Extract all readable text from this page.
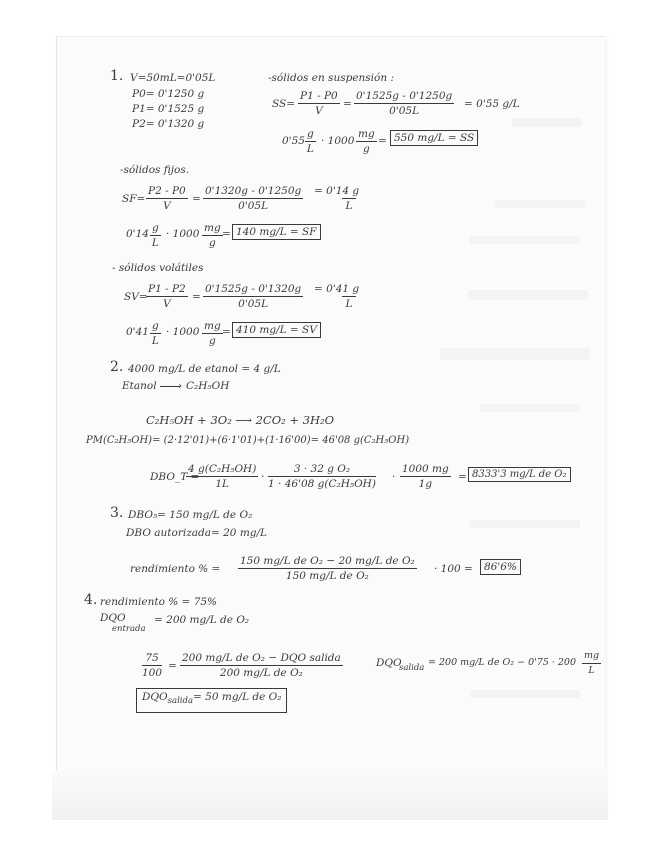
1. V=50mL=0'05L
P0= 0'1250 g
P1= 0'1525 g
P2= 0'1320 g
-sólidos en suspensión :
$SS= \frac{P1 - P0}{V} = \frac{0'1525g - 0'1250g}{0'05L} = 0'55$ g/L
$0'55 \frac{g}{L} \cdot 1000 \frac{mg}{g} = 550$ mg/L = SS
-sólidos fijos.
$SF= \frac{P2 - P0}{V} = \frac{0'1320g - 0'1250g}{0'05L} \frac{= 0'14 g}{L}$
$0'14 \frac{g}{L} \cdot 1000 \frac{mg}{g} = 140$ mg/L = SF
- sólidos volátiles
SV=
$\frac{P1 - P2}{V} = \frac{0'1525g - 0'1320g}{0'05L} \frac{= 0'41 g}{L}$
$0'41 \frac{g}{L} \cdot 1000 \frac{mg}{g} = 410$ mg/L = SV
2. 4000 mg/L de etanol = 4 g/L
Etanol › C₂H₅OH
C₂H₅OH + 3O₂ ⟶ 2CO₂ + 3H₂O
PM(C₂H₅OH)= (2·12'01)+(6·1'01)+(1·16'00)= 46'08 g(C₂H₅OH)
DBO_T =
$\frac{\text{4 g(C₂H₅OH)}}{1L} \cdot \frac{\text{3 · 32 g O₂}}{\text{1 · 46'08 g(C₂H₅OH)}} \cdot \frac{1000 mg}{1g} = 8333'3$ mg/L de O₂
3. DBO₅= 150 mg/L de O₂
DBO autorizada= 20 mg/L
rendimiento % = $\frac{\text{150 mg/L de O₂ − 20 mg/L de O₂}}{\text{150 mg/L de O₂}} \cdot 100$ =	86'6%
4. rendimiento % = 75%
DQO
entrada
= 200 mg/L de O₂
$\frac{75}{100}$ =
200 mg/L de O₂ − DQO salida
200 mg/L de O₂
DQO
salida = 200 mg/L de $O_2 - 0'75 \cdot 200 \frac{mg}{L}$
$DQO_{salida}= 50$ mg/L de O₂
